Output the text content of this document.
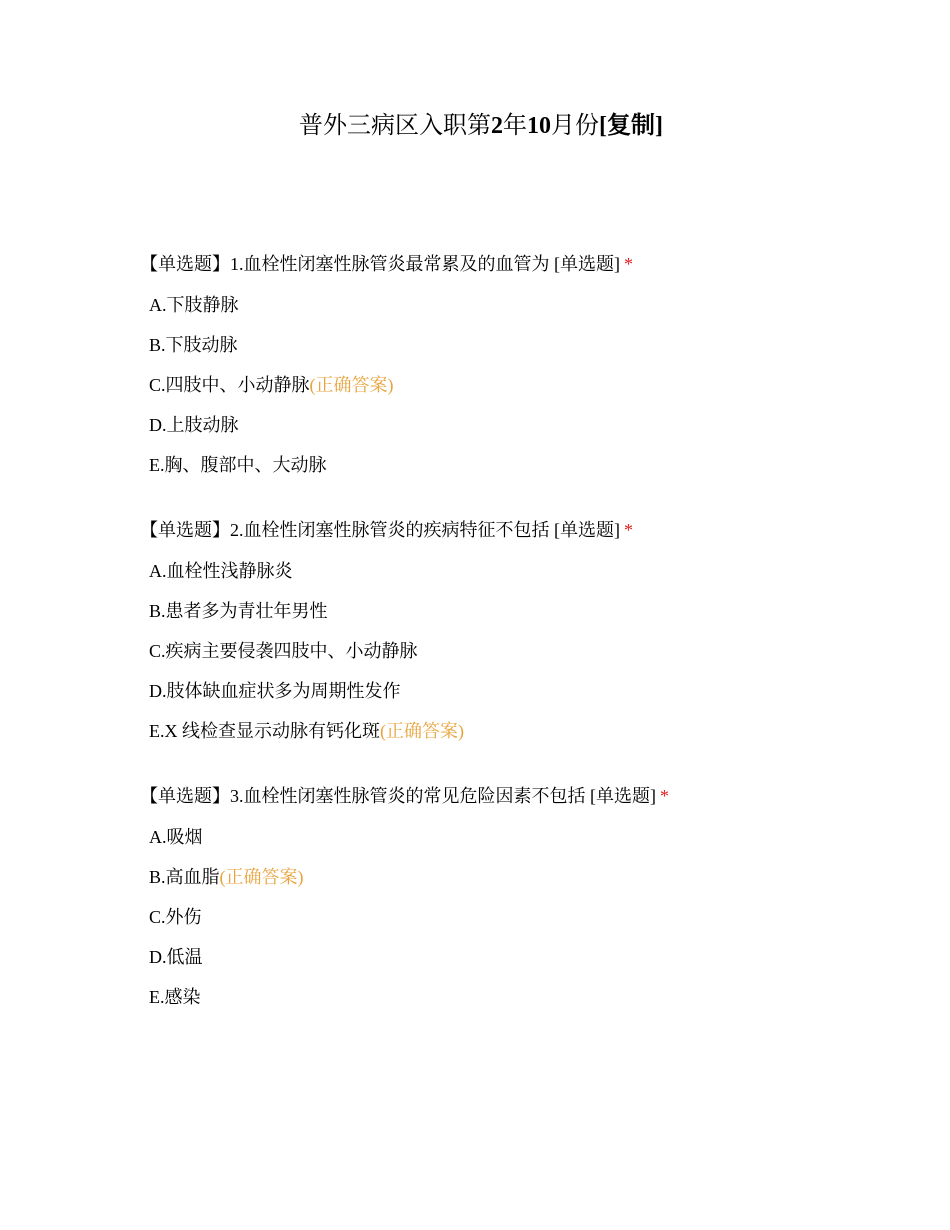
普外三病区入职第2年10月份[复制]

【单选题】1.血栓性闭塞性脉管炎最常累及的血管为 [单选题] *

A.下肢静脉
B.下肢动脉
C.四肢中、小动静脉(正确答案)
D.上肢动脉
E.胸、腹部中、大动脉

【单选题】2.血栓性闭塞性脉管炎的疾病特征不包括 [单选题] *

A.血栓性浅静脉炎
B.患者多为青壮年男性
C.疾病主要侵袭四肢中、小动静脉
D.肢体缺血症状多为周期性发作
E.X 线检查显示动脉有钙化斑(正确答案)

【单选题】3.血栓性闭塞性脉管炎的常见危险因素不包括 [单选题] *

A.吸烟
B.高血脂(正确答案)
C.外伤
D.低温
E.感染
